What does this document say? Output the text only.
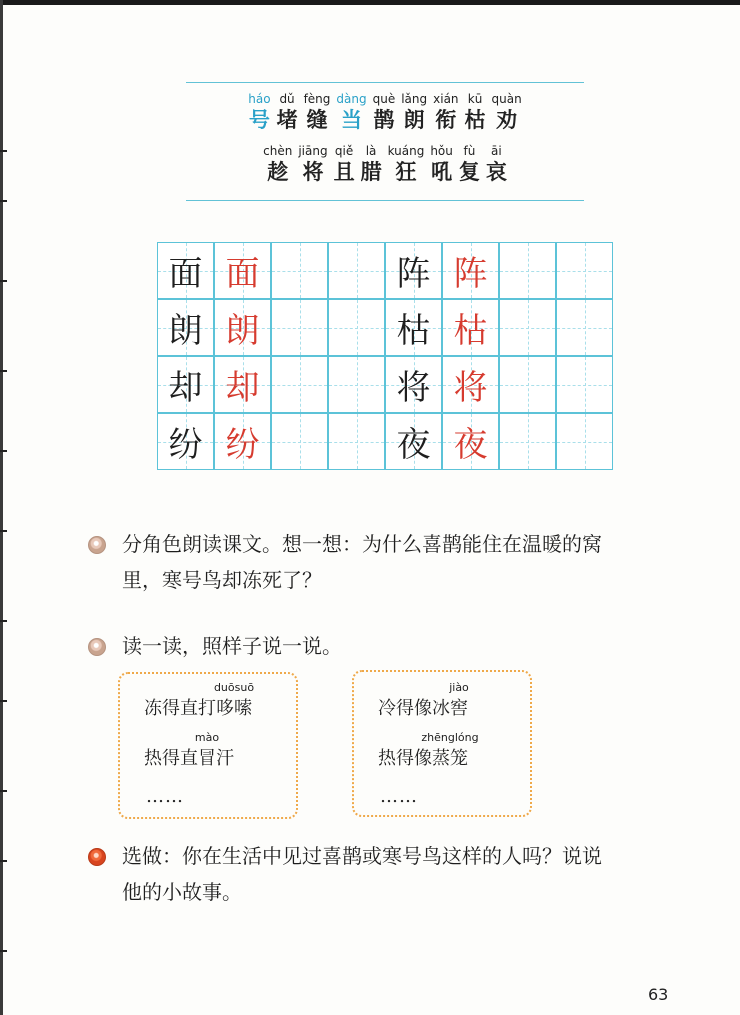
háo
号
dǔ
堵
fèng
缝
dàng
当
què
鹊
lǎng
朗
xián
衔
kū
枯
quàn
劝
chèn
趁
jiāng
将
qiě
且
là
腊
kuáng
狂
hǒu
吼
fù
复
āi
哀
面 面
朗 朗
却 却
纷 纷
阵 阵
枯 枯
将 将
夜 夜
分角色朗读课文。想一想：为什么喜鹊能住在温暖的窝
里，寒号鸟却冻死了？
读一读，照样子说一说。
冻得直打
duōsuō
哆嗦
热得直
mào
冒汗
……
冷得像冰
jiào
窖
热得像
zhēnglóng
蒸笼
……
选做：你在生活中见过喜鹊或寒号鸟这样的人吗？说说
他的小故事。
63
